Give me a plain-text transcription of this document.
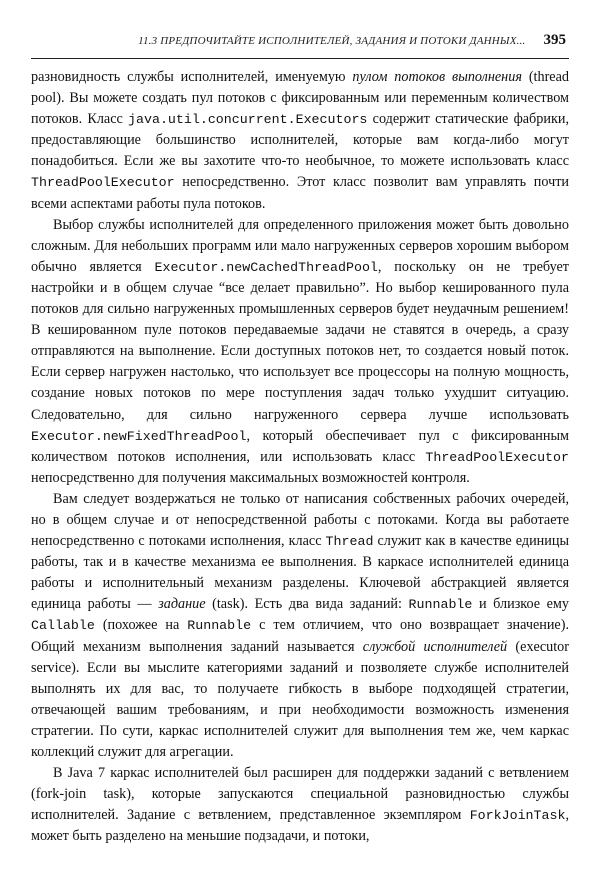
11.3 ПРЕДПОЧИТАЙТЕ ИСПОЛНИТЕЛЕЙ, ЗАДАНИЯ И ПОТОКИ ДАННЫХ... 395

разновидность службы исполнителей, именуемую пулом потоков выполнения (thread pool). Вы можете создать пул потоков с фиксированным или переменным количеством потоков. Класс java.util.concurrent.Executors содержит статические фабрики, предоставляющие большинство исполнителей, которые вам когда-либо могут понадобиться. Если же вы захотите что-то необычное, то можете использовать класс ThreadPoolExecutor непосредственно. Этот класс позволит вам управлять почти всеми аспектами работы пула потоков.

Выбор службы исполнителей для определенного приложения может быть довольно сложным. Для небольших программ или мало нагруженных серверов хорошим выбором обычно является Executor.newCachedThreadPool, поскольку он не требует настройки и в общем случае “все делает правильно”. Но выбор кешированного пула потоков для сильно нагруженных промышленных серверов будет неудачным решением! В кешированном пуле потоков передаваемые задачи не ставятся в очередь, а сразу отправляются на выполнение. Если доступных потоков нет, то создается новый поток. Если сервер нагружен настолько, что использует все процессоры на полную мощность, создание новых потоков по мере поступления задач только ухудшит ситуацию. Следовательно, для сильно нагруженного сервера лучше использовать Executor.newFixedThreadPool, который обеспечивает пул с фиксированным количеством потоков исполнения, или использовать класс ThreadPoolExecutor непосредственно для получения максимальных возможностей контроля.

Вам следует воздержаться не только от написания собственных рабочих очередей, но в общем случае и от непосредственной работы с потоками. Когда вы работаете непосредственно с потоками исполнения, класс Thread служит как в качестве единицы работы, так и в качестве механизма ее выполнения. В каркасе исполнителей единица работы и исполнительный механизм разделены. Ключевой абстракцией является единица работы — задание (task). Есть два вида заданий: Runnable и близкое ему Callable (похожее на Runnable с тем отличием, что оно возвращает значение). Общий механизм выполнения заданий называется службой исполнителей (executor service). Если вы мыслите категориями заданий и позволяете службе исполнителей выполнять их для вас, то получаете гибкость в выборе подходящей стратегии, отвечающей вашим требованиям, и при необходимости возможность изменения стратегии. По сути, каркас исполнителей служит для выполнения тем же, чем каркас коллекций служит для агрегации.

В Java 7 каркас исполнителей был расширен для поддержки заданий с ветвлением (fork-join task), которые запускаются специальной разновидностью службы исполнителей. Задание с ветвлением, представленное экземпляром ForkJoinTask, может быть разделено на меньшие подзадачи, и потоки,
